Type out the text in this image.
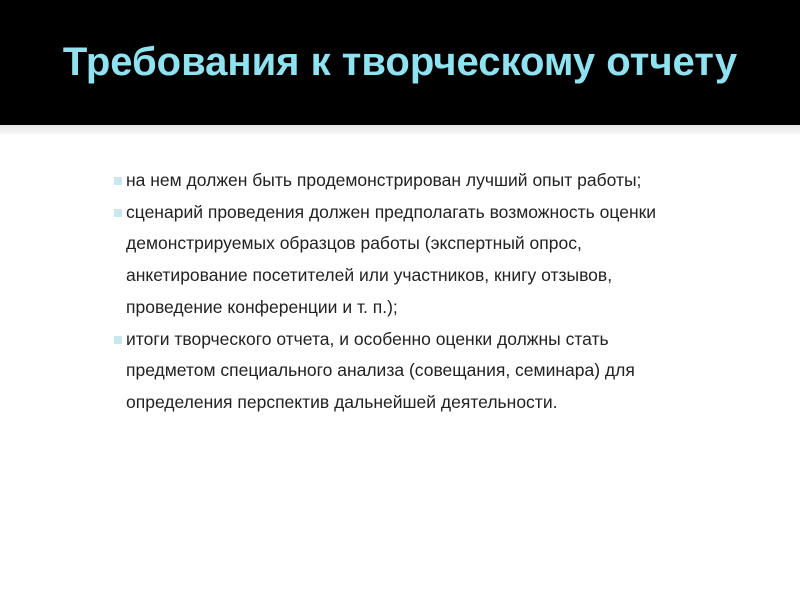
Требования к творческому отчету
на нем должен быть продемонстрирован лучший опыт работы;
сценарий проведения должен предполагать возможность оценки демонстрируемых образцов работы (экспертный опрос, анкетирование посетителей или участников, книгу отзывов, проведение конференции и т. п.);
итоги творческого отчета, и особенно оценки должны стать предметом специального анализа (совещания, семинара) для определения перспектив дальнейшей деятельности.
